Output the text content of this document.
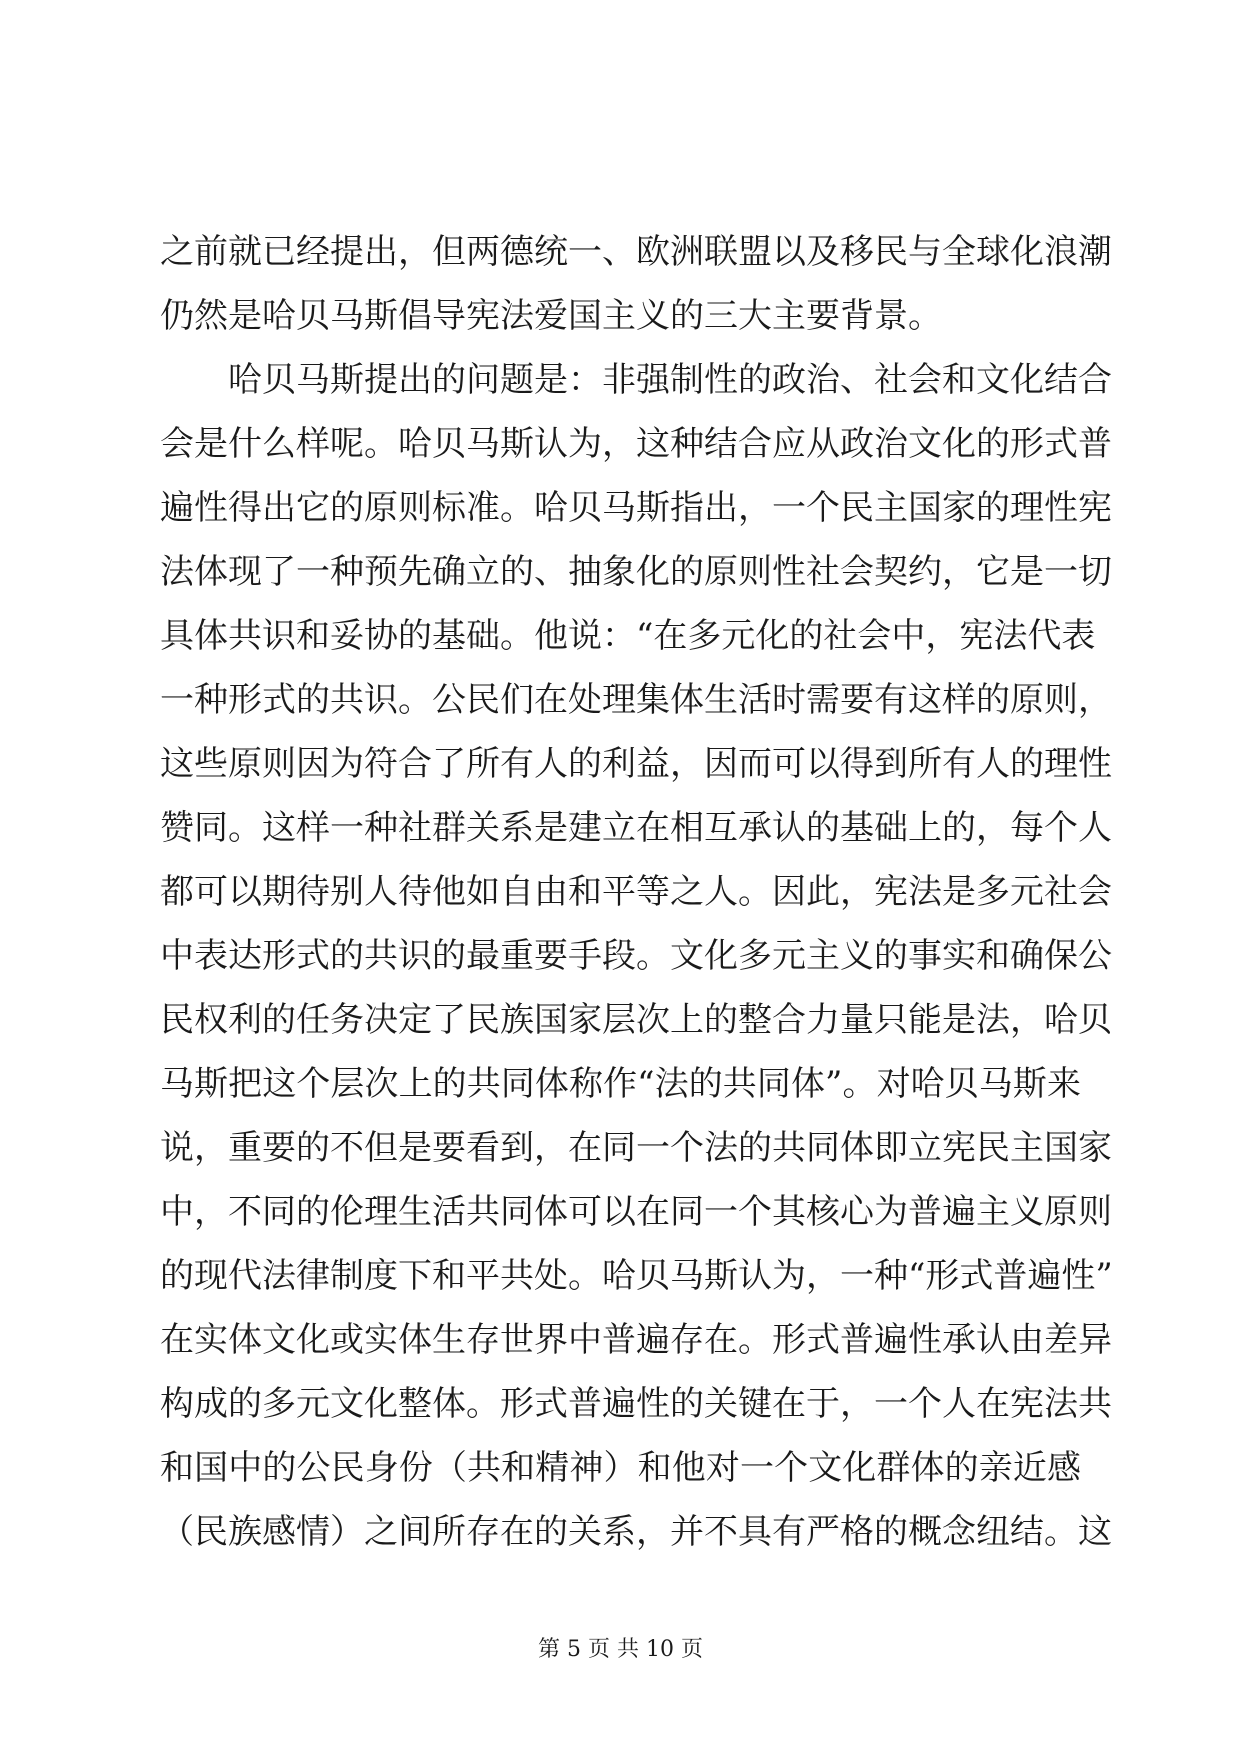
之前就已经提出，但两德统一、欧洲联盟以及移民与全球化浪潮
仍然是哈贝马斯倡导宪法爱国主义的三大主要背景。
哈贝马斯提出的问题是：非强制性的政治、社会和文化结合
会是什么样呢。哈贝马斯认为，这种结合应从政治文化的形式普
遍性得出它的原则标准。哈贝马斯指出，一个民主国家的理性宪
法体现了一种预先确立的、抽象化的原则性社会契约，它是一切
具体共识和妥协的基础。他说：“在多元化的社会中，宪法代表
一种形式的共识。公民们在处理集体生活时需要有这样的原则，
这些原则因为符合了所有人的利益，因而可以得到所有人的理性
赞同。这样一种社群关系是建立在相互承认的基础上的，每个人
都可以期待别人待他如自由和平等之人。因此，宪法是多元社会
中表达形式的共识的最重要手段。文化多元主义的事实和确保公
民权利的任务决定了民族国家层次上的整合力量只能是法，哈贝
马斯把这个层次上的共同体称作“法的共同体”。对哈贝马斯来
说，重要的不但是要看到，在同一个法的共同体即立宪民主国家
中，不同的伦理生活共同体可以在同一个其核心为普遍主义原则
的现代法律制度下和平共处。哈贝马斯认为，一种“形式普遍性”
在实体文化或实体生存世界中普遍存在。形式普遍性承认由差异
构成的多元文化整体。形式普遍性的关键在于，一个人在宪法共
和国中的公民身份（共和精神）和他对一个文化群体的亲近感
（民族感情）之间所存在的关系，并不具有严格的概念纽结。这
第 5 页 共 10 页
